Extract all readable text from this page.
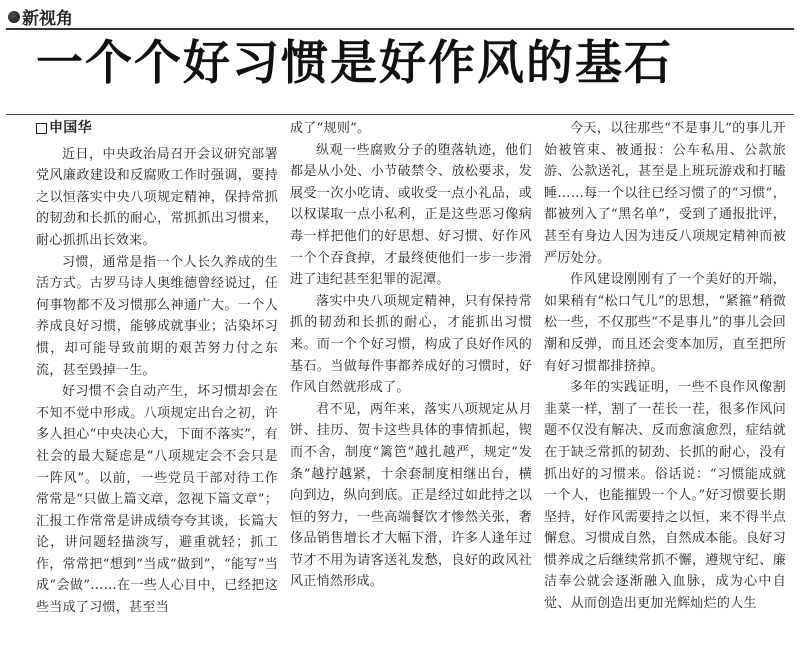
新视角
一个个好习惯是好作风的基石
申国华

近日，中央政治局召开会议研究部署党风廉政建设和反腐败工作时强调，要持之以恒落实中央八项规定精神，保持常抓的韧劲和长抓的耐心，常抓抓出习惯来，耐心抓抓出长效来。

习惯，通常是指一个人长久养成的生活方式。古罗马诗人奥维德曾经说过，任何事物都不及习惯那么神通广大。一个人养成良好习惯，能够成就事业；沾染坏习惯，却可能导致前期的艰苦努力付之东流，甚至毁掉一生。

好习惯不会自动产生，坏习惯却会在不知不觉中形成。八项规定出台之初，许多人担心“中央决心大，下面不落实”，有社会的最大疑虑是“八项规定会不会只是一阵风”。以前，一些党员干部对待工作常常是“只做上篇文章，忽视下篇文章”；汇报工作常常是讲成绩夸夸其谈，长篇大论，讲问题轻描淡写，避重就轻；抓工作，常常把“想到”当成“做到”，“能写”当成“会做”……在一些人心目中，已经把这些当成了习惯，甚至当

成了“规则”。

纵观一些腐败分子的堕落轨迹，他们都是从小处、小节破禁令、放松要求，发展受一次小吃请、或收受一点小礼品，或以权谋取一点小私利，正是这些恶习像病毒一样把他们的好思想、好习惯、好作风一个个吞食掉，才最终使他们一步一步滑进了违纪甚至犯罪的泥潭。

落实中央八项规定精神，只有保持常抓的韧劲和长抓的耐心，才能抓出习惯来。而一个个好习惯，构成了良好作风的基石。当做每件事都养成好的习惯时，好作风自然就形成了。

君不见，两年来，落实八项规定从月饼、挂历、贺卡这些具体的事情抓起，锲而不舍，制度“篱笆”越扎越严，规定“发条”越拧越紧，十余套制度相继出台，横向到边，纵向到底。正是经过如此持之以恒的努力，一些高端餐饮才惨然关张，奢侈品销售增长才大幅下滑，许多人逢年过节才不用为请客送礼发愁，良好的政风社风正悄然形成。

今天，以往那些“不是事儿”的事儿开始被管束、被通报：公车私用、公款旅游、公款送礼，甚至是上班玩游戏和打瞌睡……每一个以往已经习惯了的“习惯”，都被列入了“黑名单”，受到了通报批评，甚至有身边人因为违反八项规定精神而被严厉处分。

作风建设刚刚有了一个美好的开端，如果稍有“松口气儿”的思想，“紧箍”稍微松一些，不仅那些“不是事儿”的事儿会回潮和反弹，而且还会变本加厉，直至把所有好习惯都排挤掉。

多年的实践证明，一些不良作风像割韭菜一样，割了一茬长一茬，很多作风问题不仅没有解决、反而愈演愈烈，症结就在于缺乏常抓的韧劲、长抓的耐心，没有抓出好的习惯来。俗话说：“习惯能成就一个人，也能摧毁一个人。”好习惯要长期坚持，好作风需要持之以恒，来不得半点懈怠。习惯成自然，自然成本能。良好习惯养成之后继续常抓不懈，遵规守纪、廉洁奉公就会逐渐融入血脉，成为心中自觉、从而创造出更加光辉灿烂的人生
